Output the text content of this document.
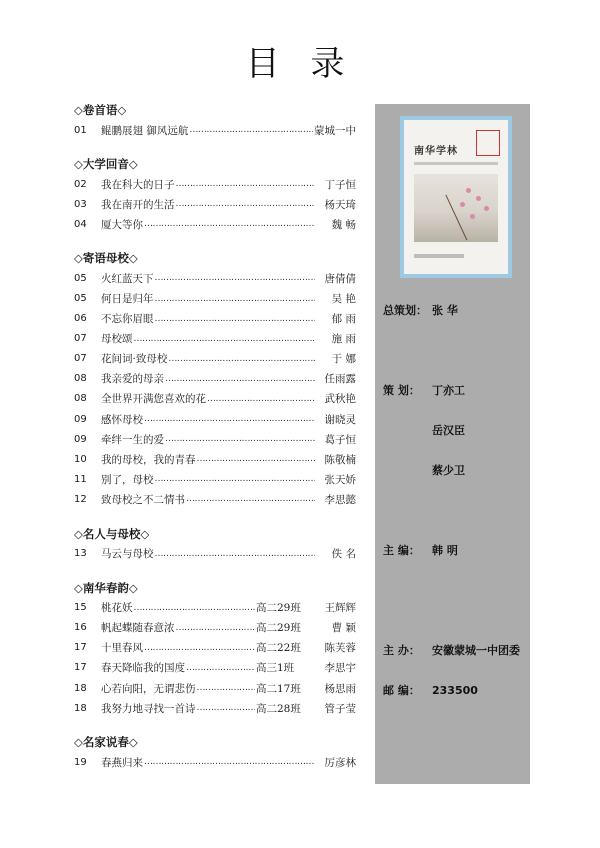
目 录
◇卷首语◇
01	鲲鹏展翅 御风远航 ……………………………………………………………………………………………………………	蒙城一中
◇大学回音◇
02	我在科大的日子 ……………………………………………………………………………………………………………	丁子恒
03	我在南开的生活 ……………………………………………………………………………………………………………	杨天琦
04	厦大等你 ……………………………………………………………………………………………………………	魏 畅
◇寄语母校◇
05	火红蓝天下 ……………………………………………………………………………………………………………	唐倩倩
05	何日是归年 ……………………………………………………………………………………………………………	吴 艳
06	不忘你眉眼 ……………………………………………………………………………………………………………	郁 雨
07	母校颂 ……………………………………………………………………………………………………………	施 雨
07	花间词·致母校 ……………………………………………………………………………………………………………	于 娜
08	我亲爱的母亲 ……………………………………………………………………………………………………………	任雨露
08	全世界开满您喜欢的花 ……………………………………………………………………………………………………………	武秋艳
09	感怀母校 ……………………………………………………………………………………………………………	谢晓灵
09	牵绊一生的爱 ……………………………………………………………………………………………………………	葛子恒
10	我的母校，我的青春 ……………………………………………………………………………………………………………	陈敬楠
11	别了，母校 ……………………………………………………………………………………………………………	张天娇
12	致母校之不二情书 ……………………………………………………………………………………………………………	李思懿
◇名人与母校◇
13	马云与母校 ……………………………………………………………………………………………………………	佚 名
◇南华春韵◇
15	桃花妖 ……………………………………………………………………………………………………………	高二29班	王辉辉
16	帆起蝶随春意浓 ……………………………………………………………………………………………………………	高二29班	曹 颖
17	十里春风 ……………………………………………………………………………………………………………	高二22班	陈芙蓉
17	春天降临我的国度 ……………………………………………………………………………………………………………	高三1班	李思宇
18	心若向阳，无谓悲伤 ……………………………………………………………………………………………………………	高二17班	杨思雨
18	我努力地寻找一首诗 ……………………………………………………………………………………………………………	高二28班	管子莹
◇名家说春◇
19	春燕归来 ……………………………………………………………………………………………………………	厉彦林
南华学林
总策划： 张 华
策 划： 丁亦工
岳汉臣
蔡少卫
主 编： 韩 明
主 办： 安徽蒙城一中团委
邮 编： 233500
